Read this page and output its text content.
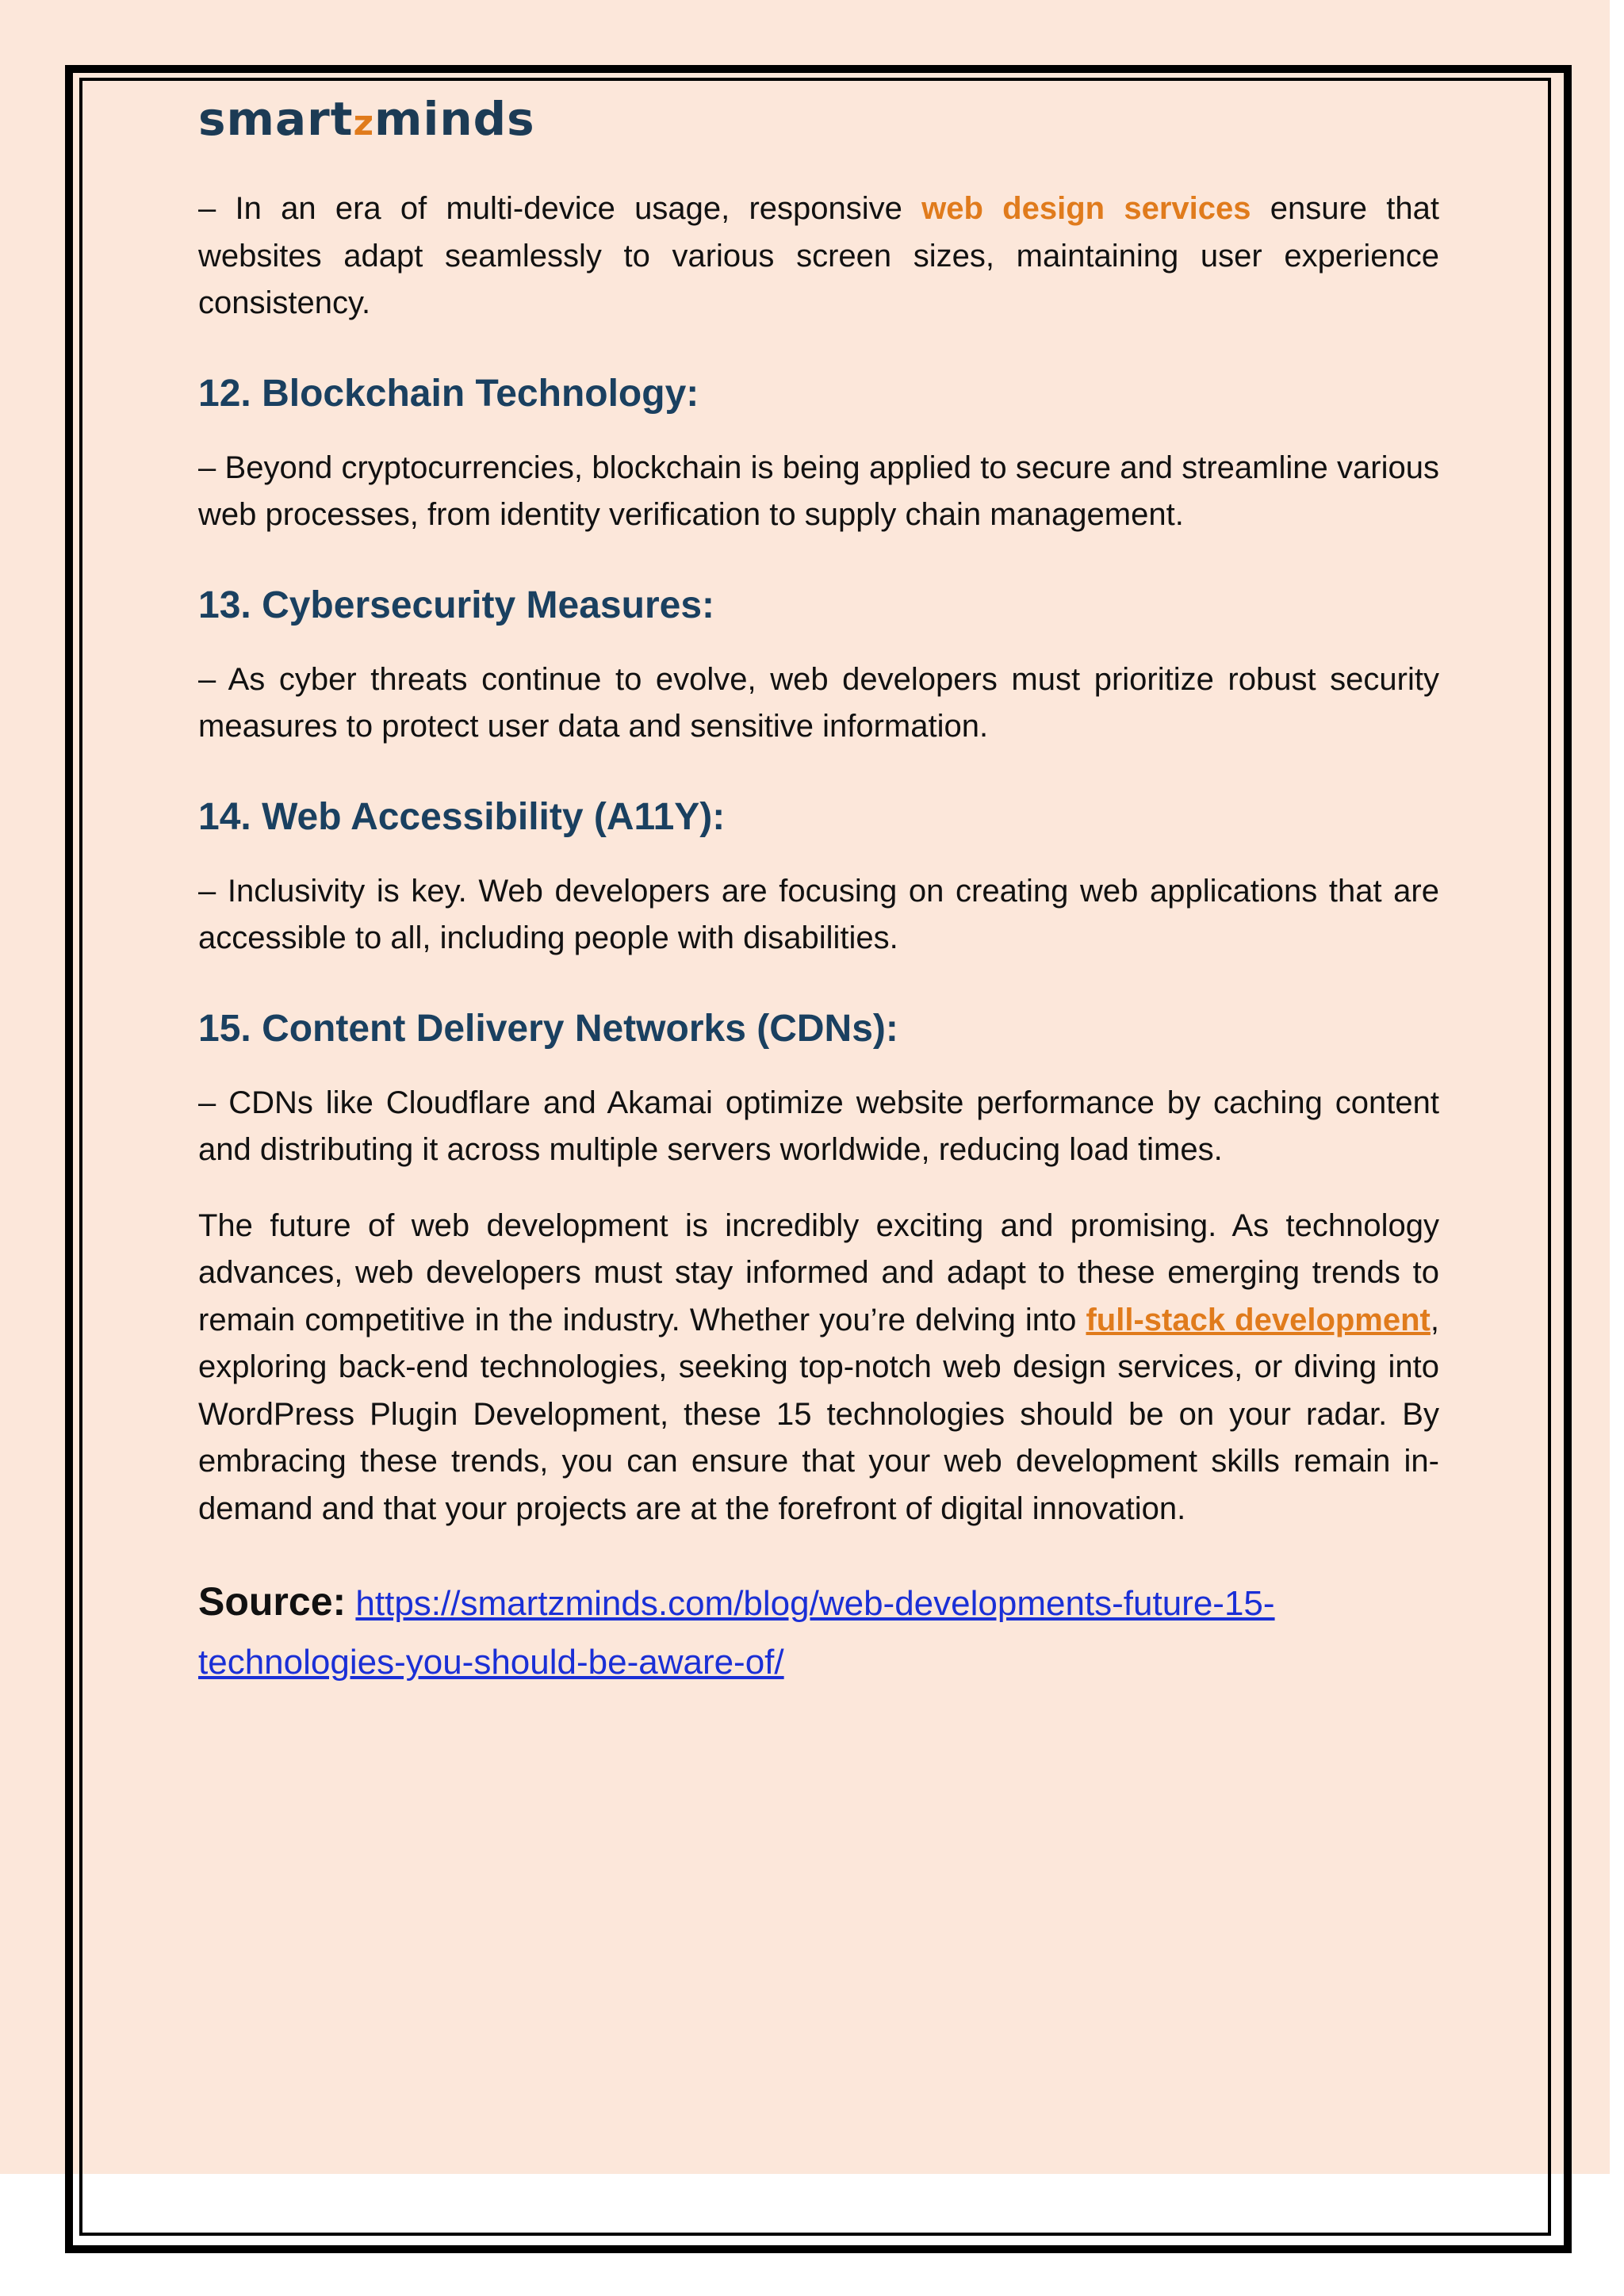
smartzminds

– In an era of multi-device usage, responsive web design services ensure that websites adapt seamlessly to various screen sizes, maintaining user experience consistency.

12. Blockchain Technology:

– Beyond cryptocurrencies, blockchain is being applied to secure and streamline various web processes, from identity verification to supply chain management.

13. Cybersecurity Measures:

– As cyber threats continue to evolve, web developers must prioritize robust security measures to protect user data and sensitive information.

14. Web Accessibility (A11Y):

– Inclusivity is key. Web developers are focusing on creating web applications that are accessible to all, including people with disabilities.

15. Content Delivery Networks (CDNs):

– CDNs like Cloudflare and Akamai optimize website performance by caching content and distributing it across multiple servers worldwide, reducing load times.

The future of web development is incredibly exciting and promising. As technology advances, web developers must stay informed and adapt to these emerging trends to remain competitive in the industry. Whether you’re delving into full-stack development, exploring back-end technologies, seeking top-notch web design services, or diving into WordPress Plugin Development, these 15 technologies should be on your radar. By embracing these trends, you can ensure that your web development skills remain in-demand and that your projects are at the forefront of digital innovation.

Source: https://smartzminds.com/blog/web-developments-future-15-
technologies-you-should-be-aware-of/
